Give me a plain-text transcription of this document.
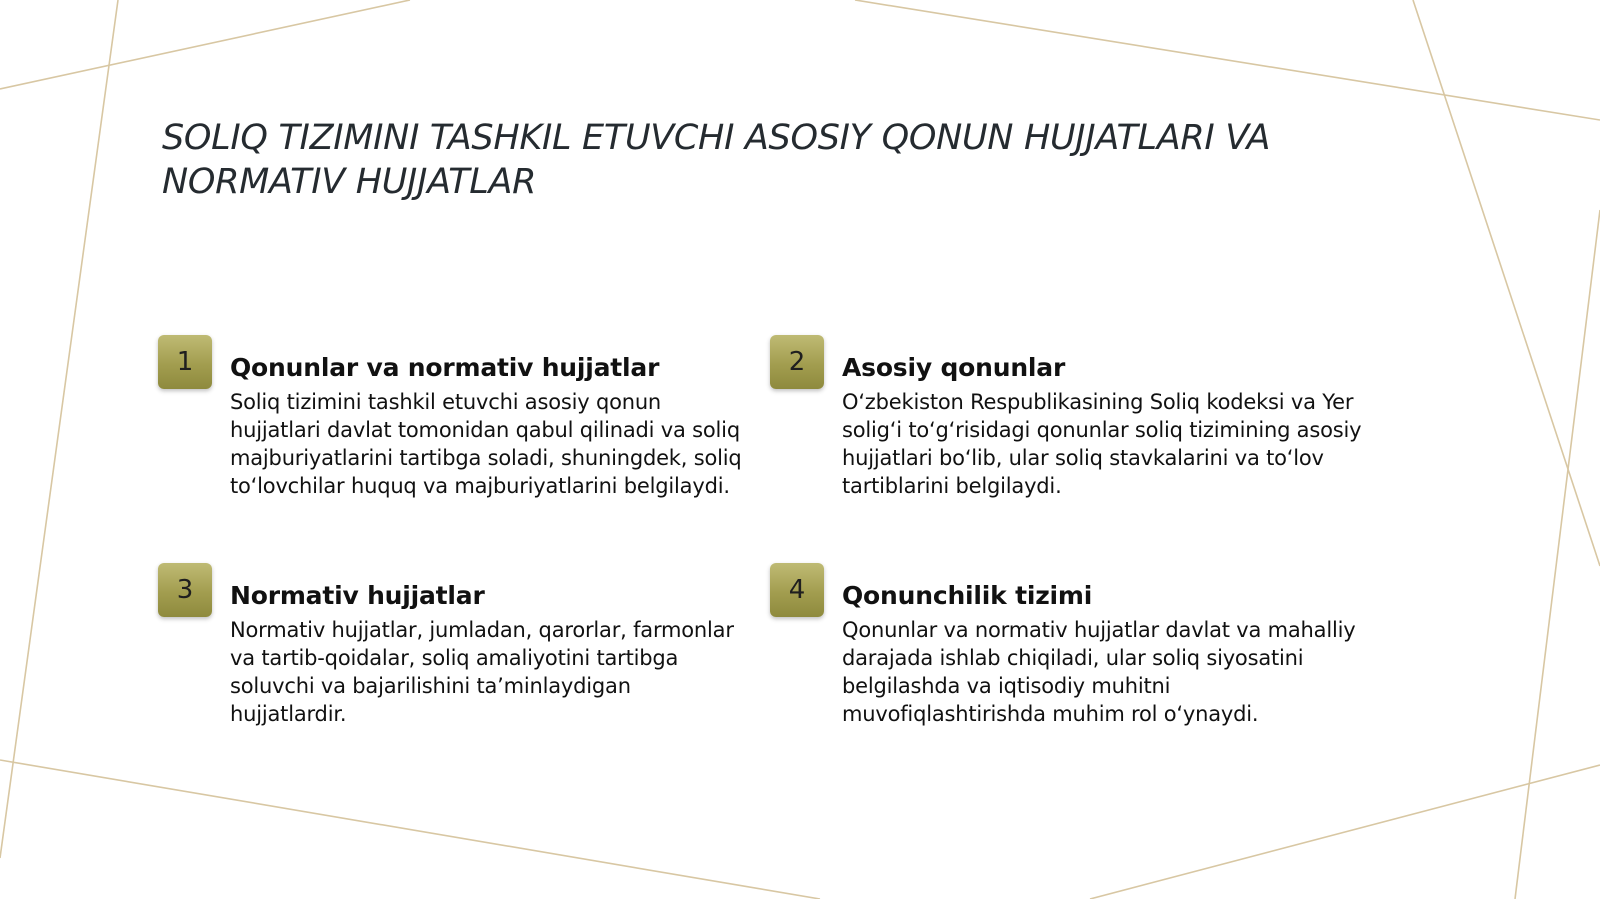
SOLIQ TIZIMINI TASHKIL ETUVCHI ASOSIY QONUN HUJJATLARI VA NORMATIV HUJJATLAR
1	Qonunlar va normativ hujjatlar

Soliq tizimini tashkil etuvchi asosiy qonun hujjatlari davlat tomonidan qabul qilinadi va soliq majburiyatlarini tartibga soladi, shuningdek, soliq to‘lovchilar huquq va majburiyatlarini belgilaydi.

2	Asosiy qonunlar

O‘zbekiston Respublikasining Soliq kodeksi va Yer solig‘i to‘g‘risidagi qonunlar soliq tizimining asosiy hujjatlari bo‘lib, ular soliq stavkalarini va to‘lov tartiblarini belgilaydi.

3	Normativ hujjatlar

Normativ hujjatlar, jumladan, qarorlar, farmonlar va tartib-qoidalar, soliq amaliyotini tartibga soluvchi va bajarilishini ta’minlaydigan hujjatlardir.

4	Qonunchilik tizimi

Qonunlar va normativ hujjatlar davlat va mahalliy darajada ishlab chiqiladi, ular soliq siyosatini belgilashda va iqtisodiy muhitni muvofiqlashtirishda muhim rol o‘ynaydi.
